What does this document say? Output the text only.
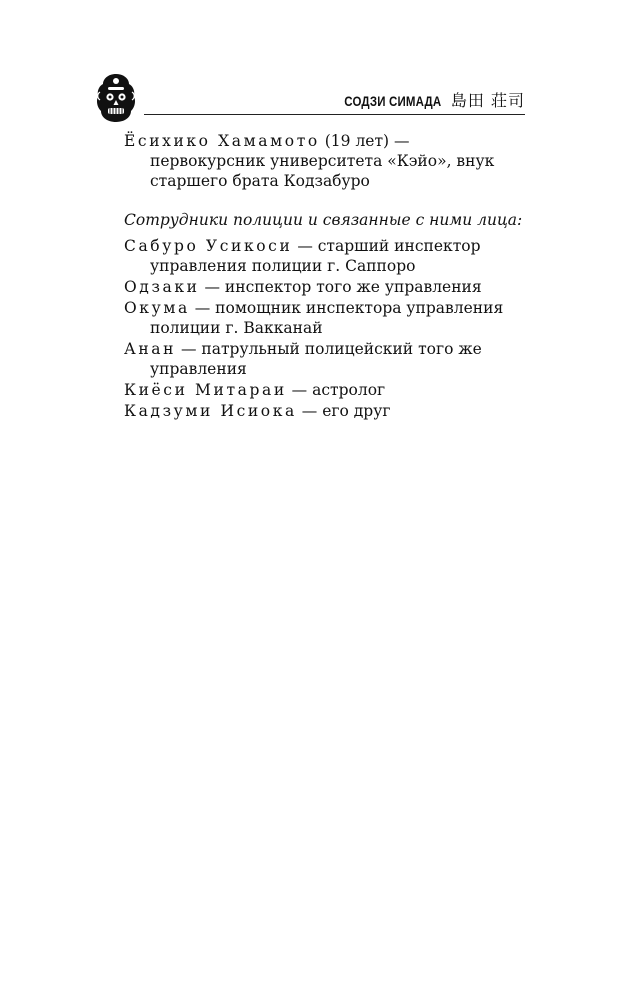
СОДЗИ СИМАДА 島田 荘司

Ёсихико Хамамото (19 лет) — первокурсник университета «Кэйо», внук старшего брата Кодзабуро

Сотрудники полиции и связанные с ними лица:

Сабуро Усикоси — старший инспектор управления полиции г. Саппоро

Одзаки — инспектор того же управления

Окума — помощник инспектора управления полиции г. Вакканай

Анан — патрульный полицейский того же управления

Киёси Митараи — астролог

Кадзуми Исиока — его друг
